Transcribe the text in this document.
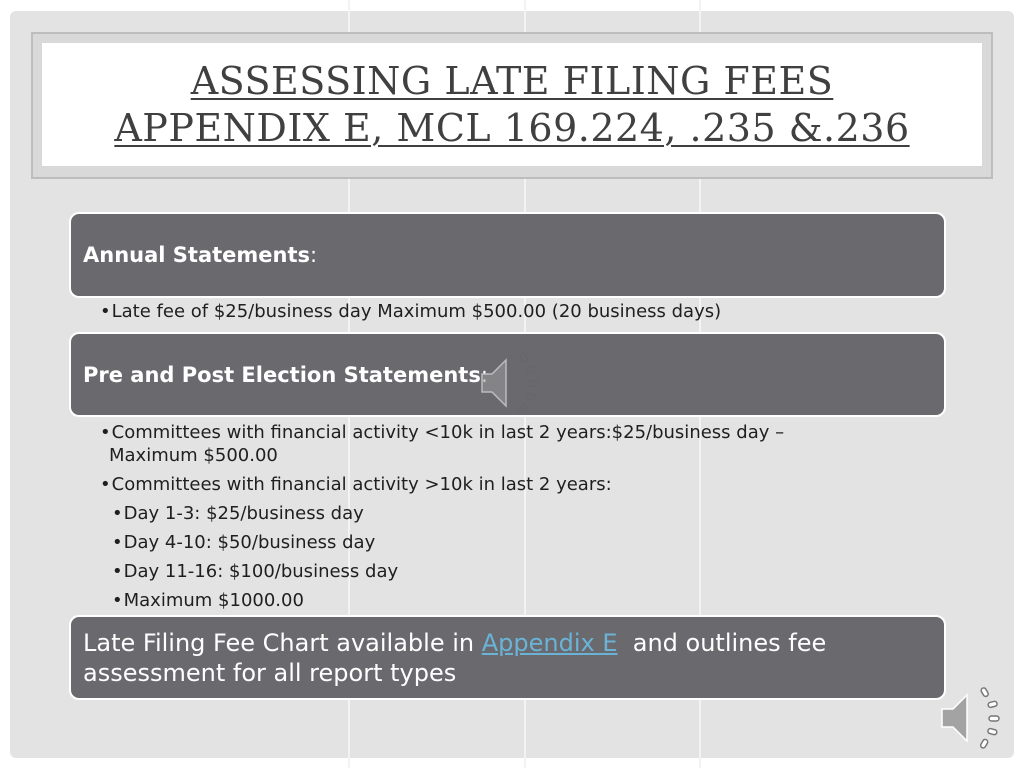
ASSESSING LATE FILING FEES
APPENDIX E, MCL 169.224, .235 &.236
Annual Statements:
•Late fee of $25/business day Maximum $500.00 (20 business days)
Pre and Post Election Statements
•Committees with financial activity <10k in last 2 years:$25/business day –
Maximum $500.00
•Committees with financial activity >10k in last 2 years:
•Day 1-3: $25/business day
•Day 4-10: $50/business day
•Day 11-16: $100/business day
•Maximum $1000.00
Late Filing Fee Chart available in Appendix E  and outlines fee
assessment for all report types
